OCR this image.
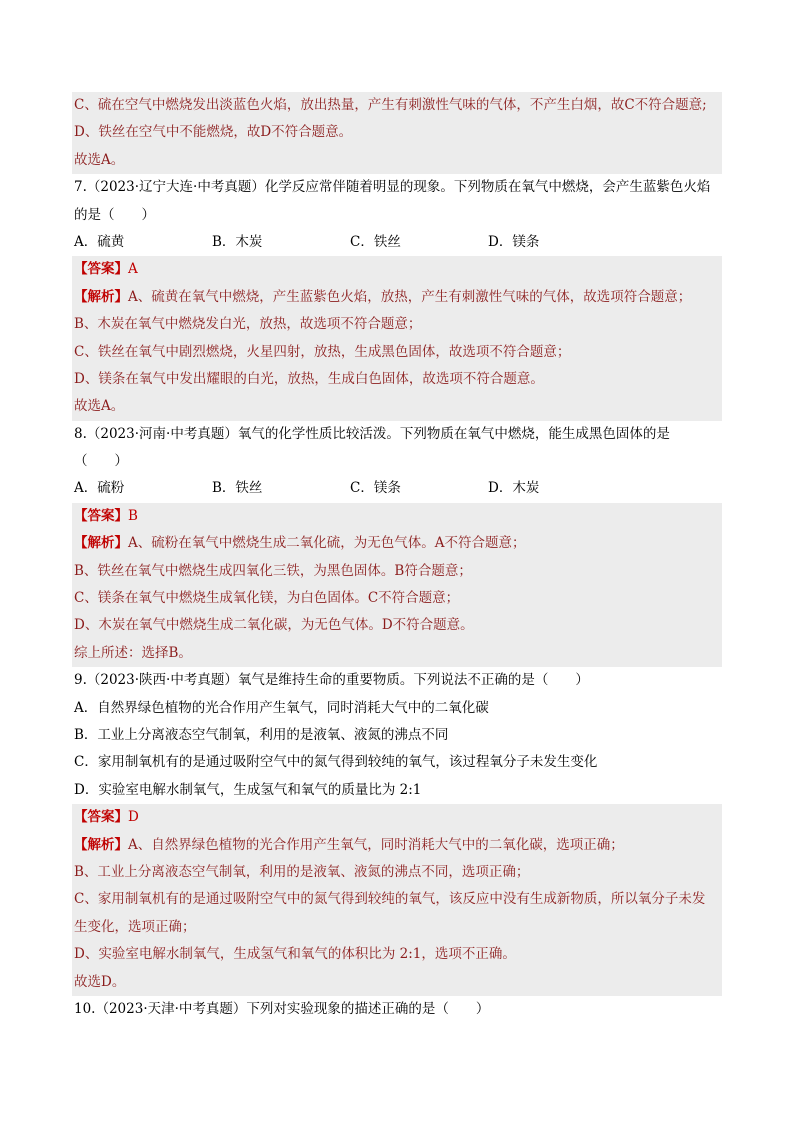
C、硫在空气中燃烧发出淡蓝色火焰，放出热量，产生有刺激性气味的气体，不产生白烟，故C不符合题意;
D、铁丝在空气中不能燃烧，故D不符合题意。
故选A。
7.（2023·辽宁大连·中考真题）化学反应常伴随着明显的现象。下列物质在氧气中燃烧，会产生蓝紫色火焰
的是（　　）
A．硫黄	B．木炭	C．铁丝	D．镁条
【答案】A
【解析】A、硫黄在氧气中燃烧，产生蓝紫色火焰，放热，产生有刺激性气味的气体，故选项符合题意；
B、木炭在氧气中燃烧发白光，放热，故选项不符合题意；
C、铁丝在氧气中剧烈燃烧，火星四射，放热，生成黑色固体，故选项不符合题意；
D、镁条在氧气中发出耀眼的白光，放热，生成白色固体，故选项不符合题意。
故选A。
8.（2023·河南·中考真题）氧气的化学性质比较活泼。下列物质在氧气中燃烧，能生成黑色固体的是
（　　）
A．硫粉	B．铁丝	C．镁条	D．木炭
【答案】B
【解析】A、硫粉在氧气中燃烧生成二氧化硫，为无色气体。A不符合题意；
B、铁丝在氧气中燃烧生成四氧化三铁，为黑色固体。B符合题意；
C、镁条在氧气中燃烧生成氧化镁，为白色固体。C不符合题意；
D、木炭在氧气中燃烧生成二氧化碳，为无色气体。D不符合题意。
综上所述：选择B。
9.（2023·陕西·中考真题）氧气是维持生命的重要物质。下列说法不正确的是（　　）
A．自然界绿色植物的光合作用产生氧气，同时消耗大气中的二氧化碳
B．工业上分离液态空气制氧，利用的是液氧、液氮的沸点不同
C．家用制氧机有的是通过吸附空气中的氮气得到较纯的氧气，该过程氧分子未发生变化
D．实验室电解水制氧气，生成氢气和氧气的质量比为 2:1
【答案】D
【解析】A、自然界绿色植物的光合作用产生氧气，同时消耗大气中的二氧化碳，选项正确；
B、工业上分离液态空气制氧，利用的是液氧、液氮的沸点不同，选项正确；
C、家用制氧机有的是通过吸附空气中的氮气得到较纯的氧气，该反应中没有生成新物质，所以氧分子未发
生变化，选项正确；
D、实验室电解水制氧气，生成氢气和氧气的体积比为 2:1，选项不正确。
故选D。
10.（2023·天津·中考真题）下列对实验现象的描述正确的是（　　）
